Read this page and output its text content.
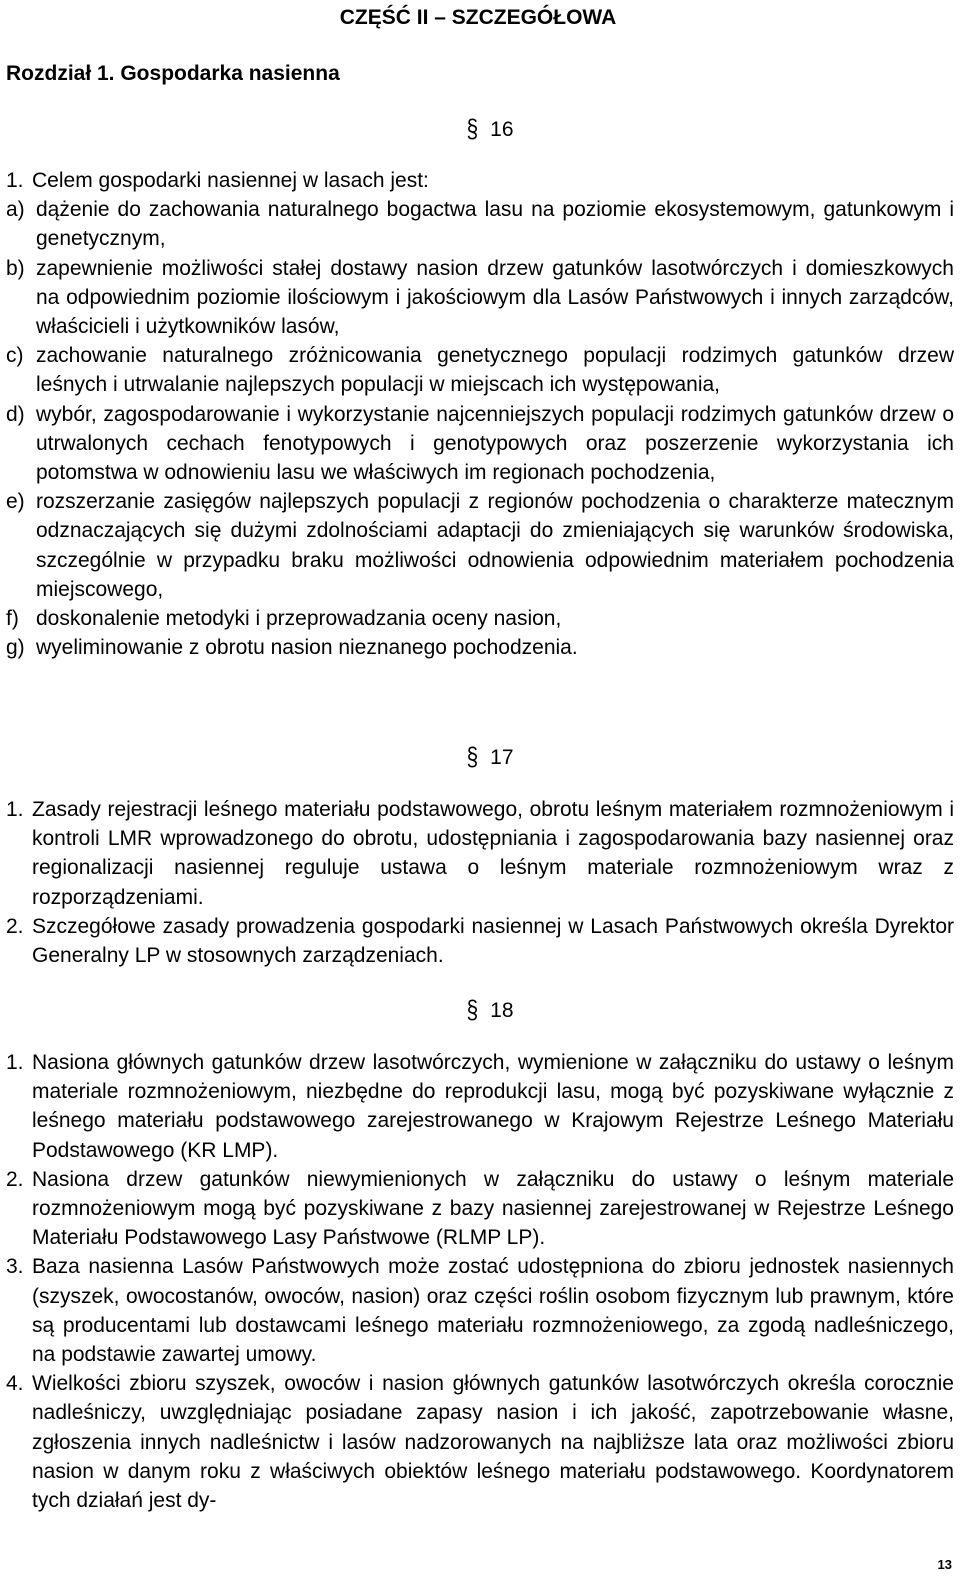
CZĘŚĆ II – SZCZEGÓŁOWA
Rozdział 1. Gospodarka nasienna
§ 16
1. Celem gospodarki nasiennej w lasach jest:

a) dążenie do zachowania naturalnego bogactwa lasu na poziomie ekosystemowym, gatunkowym i genetycznym,
b) zapewnienie możliwości stałej dostawy nasion drzew gatunków lasotwórczych i domieszkowych na odpowiednim poziomie ilościowym i jakościowym dla Lasów Państwowych i innych zarządców, właścicieli i użytkowników lasów,
c) zachowanie naturalnego zróżnicowania genetycznego populacji rodzimych gatunków drzew leśnych i utrwalanie najlepszych populacji w miejscach ich występowania,
d) wybór, zagospodarowanie i wykorzystanie najcenniejszych populacji rodzimych gatunków drzew o utrwalonych cechach fenotypowych i genotypowych oraz poszerzenie wykorzystania ich potomstwa w odnowieniu lasu we właściwych im regionach pochodzenia,
e) rozszerzanie zasięgów najlepszych populacji z regionów pochodzenia o charakterze matecznym odznaczających się dużymi zdolnościami adaptacji do zmieniających się warunków środowiska, szczególnie w przypadku braku możliwości odnowienia odpowiednim materiałem pochodzenia miejscowego,
f) doskonalenie metodyki i przeprowadzania oceny nasion,
g) wyeliminowanie z obrotu nasion nieznanego pochodzenia.
§ 17
1. Zasady rejestracji leśnego materiału podstawowego, obrotu leśnym materiałem rozmnożeniowym i kontroli LMR wprowadzonego do obrotu, udostępniania i zagospodarowania bazy nasiennej oraz regionalizacji nasiennej reguluje ustawa o leśnym materiale rozmnożeniowym wraz z rozporządzeniami.
2. Szczegółowe zasady prowadzenia gospodarki nasiennej w Lasach Państwowych określa Dyrektor Generalny LP w stosownych zarządzeniach.
§ 18
1. Nasiona głównych gatunków drzew lasotwórczych, wymienione w załączniku do ustawy o leśnym materiale rozmnożeniowym, niezbędne do reprodukcji lasu, mogą być pozyskiwane wyłącznie z leśnego materiału podstawowego zarejestrowanego w Krajowym Rejestrze Leśnego Materiału Podstawowego (KR LMP).
2. Nasiona drzew gatunków niewymienionych w załączniku do ustawy o leśnym materiale rozmnożeniowym mogą być pozyskiwane z bazy nasiennej zarejestrowanej w Rejestrze Leśnego Materiału Podstawowego Lasy Państwowe (RLMP LP).
3. Baza nasienna Lasów Państwowych może zostać udostępniona do zbioru jednostek nasiennych (szyszek, owocostanów, owoców, nasion) oraz części roślin osobom fizycznym lub prawnym, które są producentami lub dostawcami leśnego materiału rozmnożeniowego, za zgodą nadleśniczego, na podstawie zawartej umowy.
4. Wielkości zbioru szyszek, owoców i nasion głównych gatunków lasotwórczych określa corocznie nadleśniczy, uwzględniając posiadane zapasy nasion i ich jakość, zapotrzebowanie własne, zgłoszenia innych nadleśnictw i lasów nadzorowanych na najbliższe lata oraz możliwości zbioru nasion w danym roku z właściwych obiektów leśnego materiału podstawowego. Koordynatorem tych działań jest dy-
13
